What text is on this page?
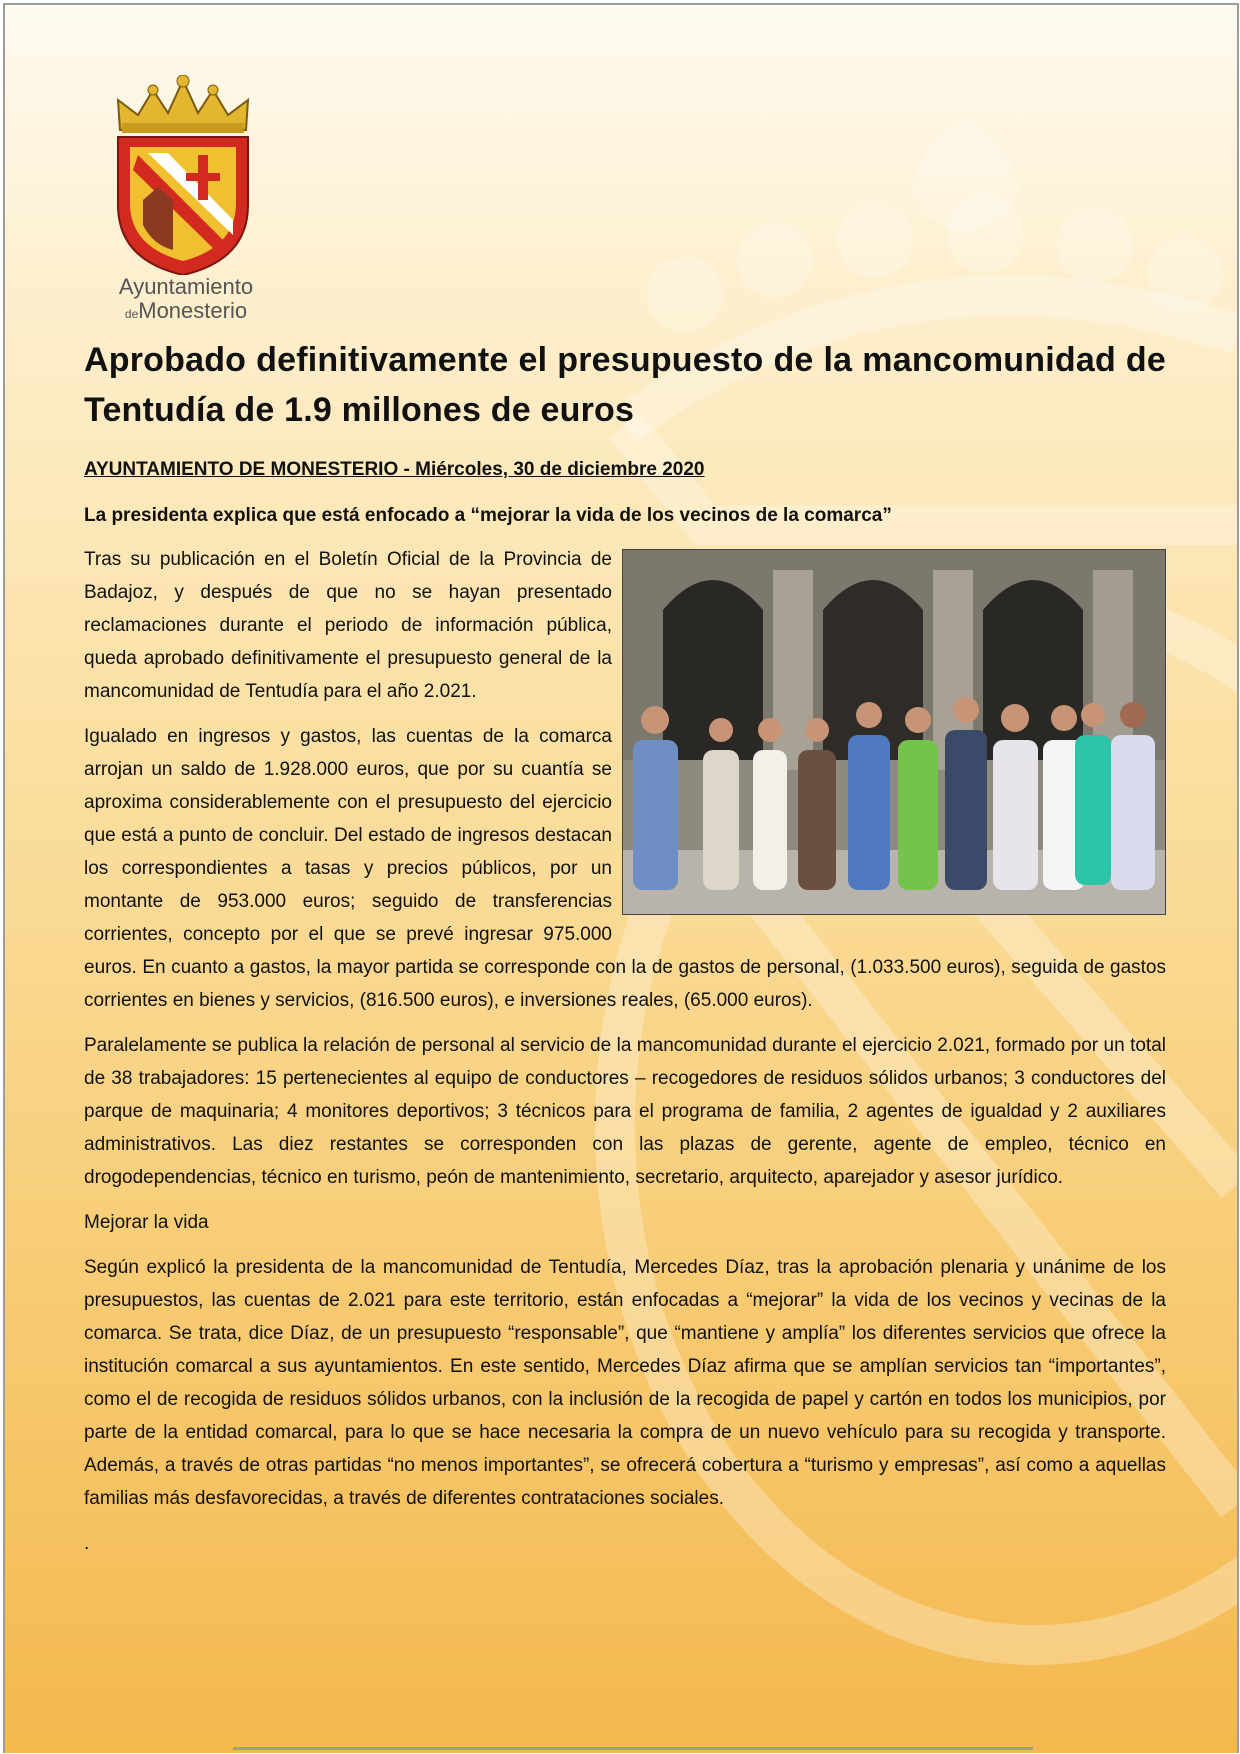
Ayuntamiento
deMonesterio
Aprobado definitivamente el presupuesto de la mancomunidad de Tentudía de 1.9 millones de euros
AYUNTAMIENTO DE MONESTERIO - Miércoles, 30 de diciembre 2020
La presidenta explica que está enfocado a “mejorar la vida de los vecinos de la comarca”

Tras su publicación en el Boletín Oficial de la Provincia de Badajoz, y después de que no se hayan presentado reclamaciones durante el periodo de información pública, queda aprobado definitivamente el presupuesto general de la mancomunidad de Tentudía para el año 2.021.

Igualado en ingresos y gastos, las cuentas de la comarca arrojan un saldo de 1.928.000 euros, que por su cuantía se aproxima considerablemente con el presupuesto del ejercicio que está a punto de concluir. Del estado de ingresos destacan los correspondientes a tasas y precios públicos, por un montante de 953.000 euros; seguido de transferencias corrientes, concepto por el que se prevé ingresar 975.000 euros. En cuanto a gastos, la mayor partida se corresponde con la de gastos de personal, (1.033.500 euros), seguida de gastos corrientes en bienes y servicios, (816.500 euros), e inversiones reales, (65.000 euros).

Paralelamente se publica la relación de personal al servicio de la mancomunidad durante el ejercicio 2.021, formado por un total de 38 trabajadores: 15 pertenecientes al equipo de conductores – recogedores de residuos sólidos urbanos; 3 conductores del parque de maquinaria; 4 monitores deportivos; 3 técnicos para el programa de familia, 2 agentes de igualdad y 2 auxiliares administrativos. Las diez restantes se corresponden con las plazas de gerente, agente de empleo, técnico en drogodependencias, técnico en turismo, peón de mantenimiento, secretario, arquitecto, aparejador y asesor jurídico.

Mejorar la vida

Según explicó la presidenta de la mancomunidad de Tentudía, Mercedes Díaz, tras la aprobación plenaria y unánime de los presupuestos, las cuentas de 2.021 para este territorio, están enfocadas a “mejorar” la vida de los vecinos y vecinas de la comarca. Se trata, dice Díaz, de un presupuesto “responsable”, que “mantiene y amplía” los diferentes servicios que ofrece la institución comarcal a sus ayuntamientos. En este sentido, Mercedes Díaz afirma que se amplían servicios tan “importantes”, como el de recogida de residuos sólidos urbanos, con la inclusión de la recogida de papel y cartón en todos los municipios, por parte de la entidad comarcal, para lo que se hace necesaria la compra de un nuevo vehículo para su recogida y transporte. Además, a través de otras partidas “no menos importantes”, se ofrecerá cobertura a “turismo y empresas”, así como a aquellas familias más desfavorecidas, a través de diferentes contrataciones sociales.

.
